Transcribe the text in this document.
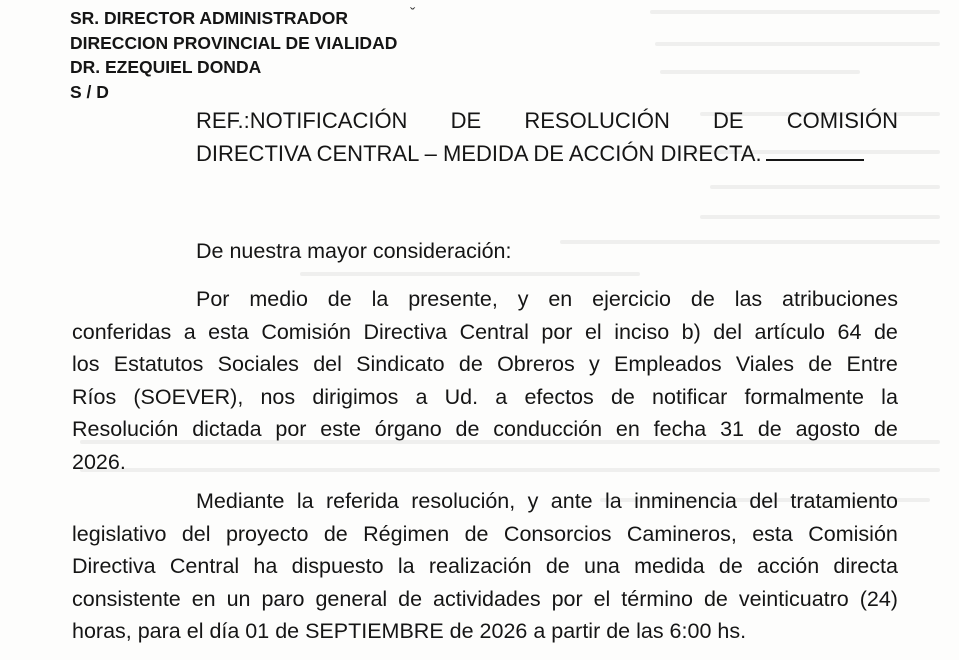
SR. DIRECTOR ADMINISTRADOR
DIRECCION PROVINCIAL DE VIALIDAD
DR. EZEQUIEL DONDA
S / D
ˇ
REF.:NOTIFICACIÓN DE RESOLUCIÓN DE COMISIÓN
DIRECTIVA CENTRAL – MEDIDA DE ACCIÓN DIRECTA.
De nuestra mayor consideración:
Por medio de la presente, y en ejercicio de las atribuciones
conferidas a esta Comisión Directiva Central por el inciso b) del artículo 64 de
los Estatutos Sociales del Sindicato de Obreros y Empleados Viales de Entre
Ríos (SOEVER), nos dirigimos a Ud. a efectos de notificar formalmente la
Resolución dictada por este órgano de conducción en fecha 31 de agosto de
2026.
Mediante la referida resolución, y ante la inminencia del tratamiento
legislativo del proyecto de Régimen de Consorcios Camineros, esta Comisión
Directiva Central ha dispuesto la realización de una medida de acción directa
consistente en un paro general de actividades por el término de veinticuatro (24)
horas, para el día 01 de SEPTIEMBRE de 2026 a partir de las 6:00 hs.
